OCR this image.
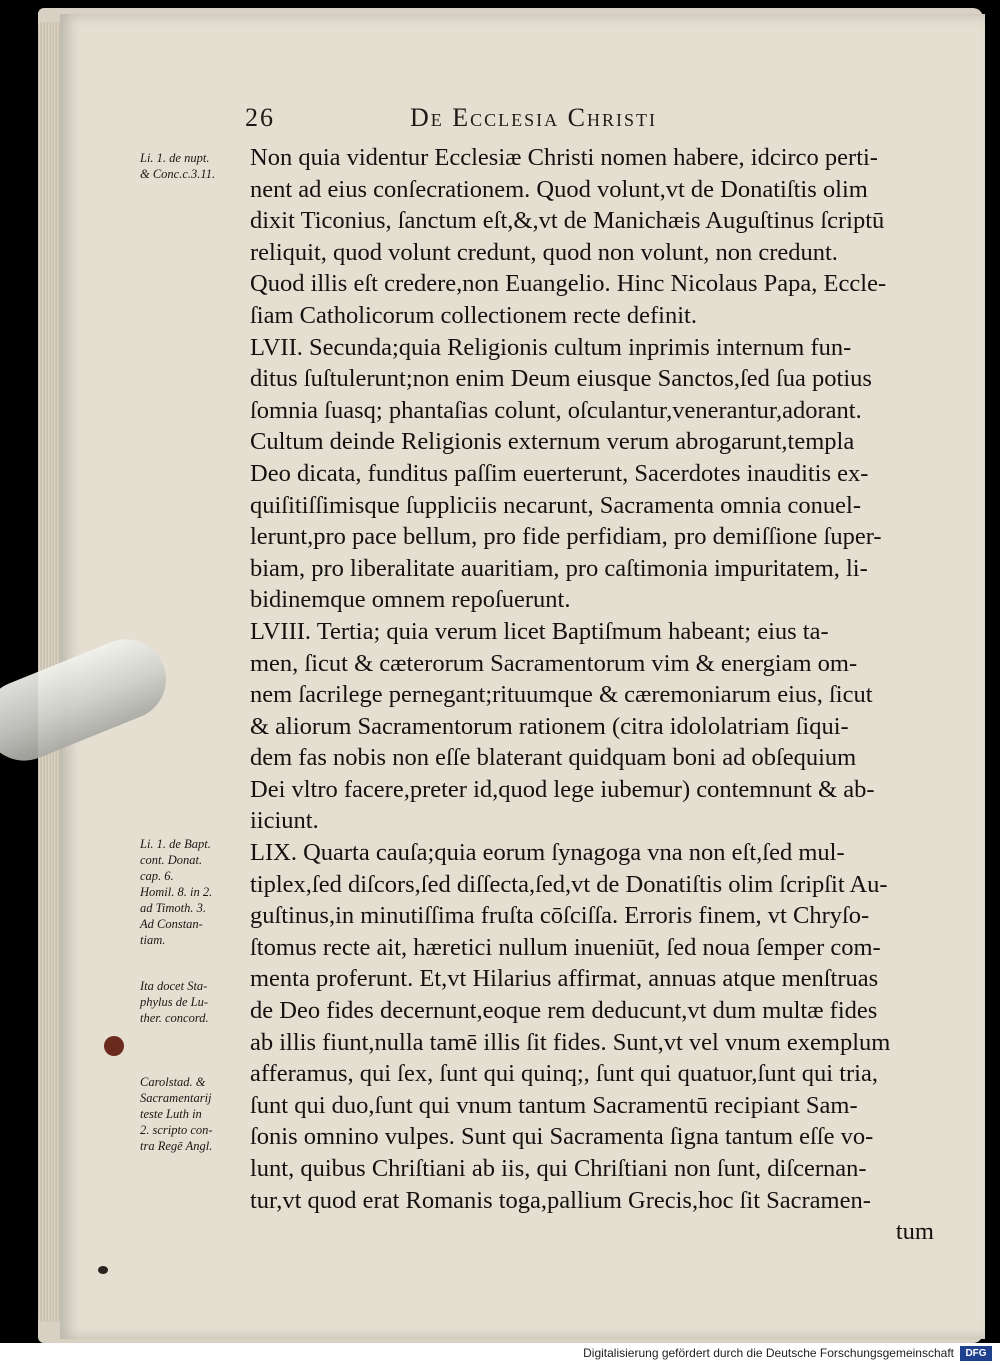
26	De Ecclesia Christi
Li. 1. de nupt.
& Conc.c.3.11.
Li. 1. de Bapt.
cont. Donat.
cap. 6.
Homil. 8. in 2.
ad Timoth. 3.
Ad Constan-
tiam.
Ita docet Sta-
phylus de Lu-
ther. concord.
Carolstad. &
Sacramentarij
teste Luth in
2. scripto con-
tra Regē Angl.
Non quia videntur Ecclesiæ Christi nomen habere, idcirco perti-
nent ad eius conſecrationem. Quod volunt,vt de Donatiſtis olim
dixit Ticonius, ſanctum eſt,&,vt de Manichæis Auguſtinus ſcriptū
reliquit, quod volunt credunt, quod non volunt, non credunt.
Quod illis eſt credere,non Euangelio. Hinc Nicolaus Papa, Eccle-
ſiam Catholicorum collectionem recte definit.
LVII. Secunda;quia Religionis cultum inprimis internum fun-
ditus ſuſtulerunt;non enim Deum eiusque Sanctos,ſed ſua potius
ſomnia ſuasq; phantaſias colunt, oſculantur,venerantur,adorant.
Cultum deinde Religionis externum verum abrogarunt,templa
Deo dicata, funditus paſſim euerterunt, Sacerdotes inauditis ex-
quiſitiſſimisque ſuppliciis necarunt, Sacramenta omnia conuel-
lerunt,pro pace bellum, pro fide perfidiam, pro demiſſione ſuper-
biam, pro liberalitate auaritiam, pro caſtimonia impuritatem, li-
bidinemque omnem repoſuerunt.
LVIII. Tertia; quia verum licet Baptiſmum habeant; eius ta-
men, ſicut & cæterorum Sacramentorum vim & energiam om-
nem ſacrilege pernegant;rituumque & cæremoniarum eius, ſicut
& aliorum Sacramentorum rationem (citra idololatriam ſiqui-
dem fas nobis non eſſe blaterant quidquam boni ad obſequium
Dei vltro facere,preter id,quod lege iubemur) contemnunt & ab-
iiciunt.
LIX. Quarta cauſa;quia eorum ſynagoga vna non eſt,ſed mul-
tiplex,ſed diſcors,ſed diſſecta,ſed,vt de Donatiſtis olim ſcripſit Au-
guſtinus,in minutiſſima fruſta cōſciſſa. Erroris finem, vt Chryſo-
ſtomus recte ait, hæretici nullum inueniūt, ſed noua ſemper com-
menta proferunt. Et,vt Hilarius affirmat, annuas atque menſtruas
de Deo fides decernunt,eoque rem deducunt,vt dum multæ fides
ab illis fiunt,nulla tamē illis ſit fides. Sunt,vt vel vnum exemplum
afferamus, qui ſex, ſunt qui quinq;, ſunt qui quatuor,ſunt qui tria,
ſunt qui duo,ſunt qui vnum tantum Sacramentū recipiant Sam-
ſonis omnino vulpes. Sunt qui Sacramenta ſigna tantum eſſe vo-
lunt, quibus Chriſtiani ab iis, qui Chriſtiani non ſunt, diſcernan-
tur,vt quod erat Romanis toga,pallium Grecis,hoc ſit Sacramen-
tum
Digitalisierung gefördert durch die Deutsche Forschungsgemeinschaft	DFG
